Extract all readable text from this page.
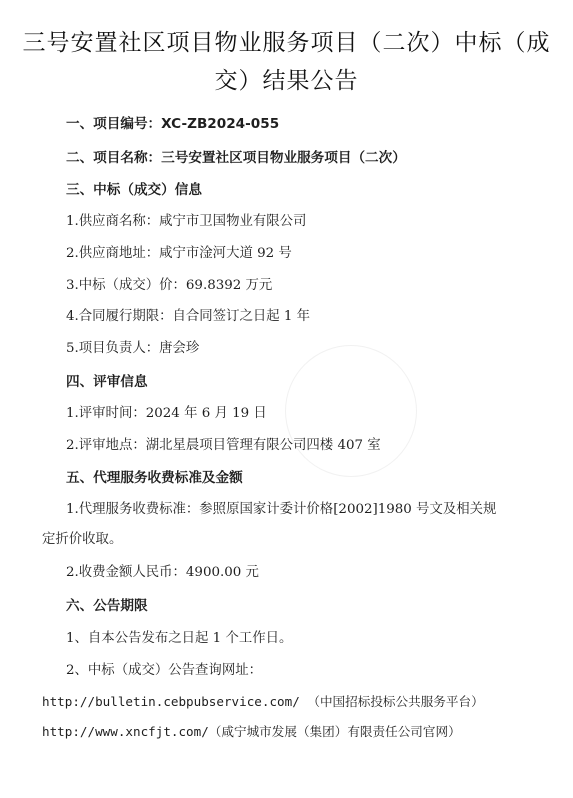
三号安置社区项目物业服务项目（二次）中标（成
交）结果公告
一、项目编号：XC-ZB2024-055
二、项目名称：三号安置社区项目物业服务项目（二次）
三、中标（成交）信息
1.供应商名称：咸宁市卫国物业有限公司
2.供应商地址：咸宁市淦河大道 92 号
3.中标（成交）价：69.8392 万元
4.合同履行期限：自合同签订之日起 1 年
5.项目负责人：唐会珍
四、评审信息
1.评审时间：2024 年 6 月 19 日
2.评审地点：湖北星晨项目管理有限公司四楼 407 室
五、代理服务收费标准及金额
1.代理服务收费标准：参照原国家计委计价格[2002]1980 号文及相关规
定折价收取。
2.收费金额人民币：4900.00 元
六、公告期限
1、自本公告发布之日起 1 个工作日。
2、中标（成交）公告查询网址：
http://bulletin.cebpubservice.com/ （中国招标投标公共服务平台）
http://www.xncfjt.com/（咸宁城市发展（集团）有限责任公司官网）
